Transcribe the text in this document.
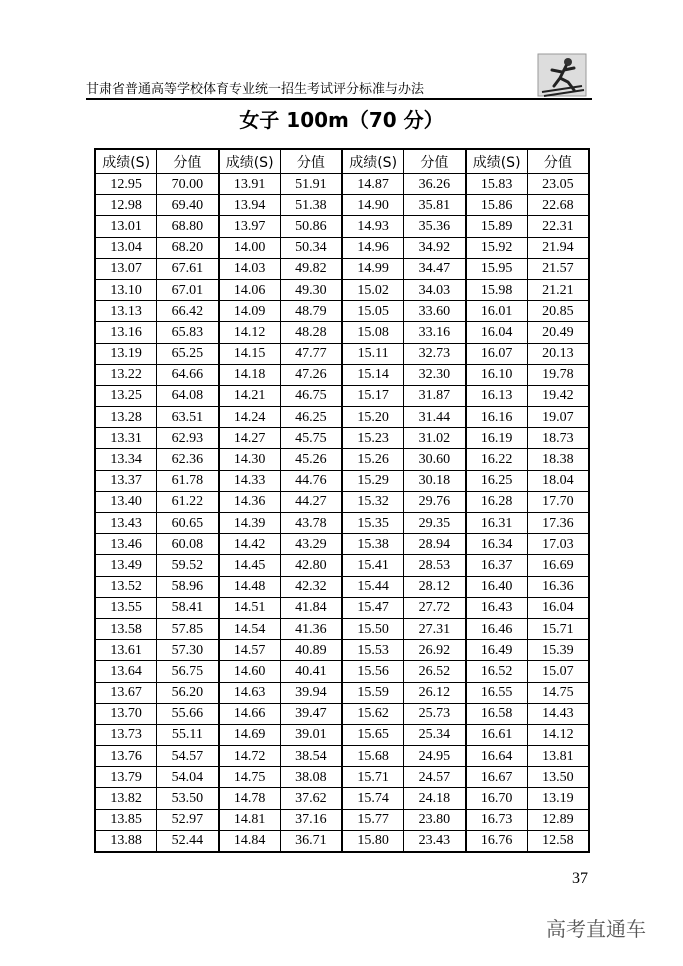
甘肃省普通高等学校体育专业统一招生考试评分标准与办法
女子 100m（70 分）
成绩(S)	分值	成绩(S)	分值	成绩(S)	分值	成绩(S)	分值
12.95	70.00	13.91	51.91	14.87	36.26	15.83	23.05
12.98	69.40	13.94	51.38	14.90	35.81	15.86	22.68
13.01	68.80	13.97	50.86	14.93	35.36	15.89	22.31
13.04	68.20	14.00	50.34	14.96	34.92	15.92	21.94
13.07	67.61	14.03	49.82	14.99	34.47	15.95	21.57
13.10	67.01	14.06	49.30	15.02	34.03	15.98	21.21
13.13	66.42	14.09	48.79	15.05	33.60	16.01	20.85
13.16	65.83	14.12	48.28	15.08	33.16	16.04	20.49
13.19	65.25	14.15	47.77	15.11	32.73	16.07	20.13
13.22	64.66	14.18	47.26	15.14	32.30	16.10	19.78
13.25	64.08	14.21	46.75	15.17	31.87	16.13	19.42
13.28	63.51	14.24	46.25	15.20	31.44	16.16	19.07
13.31	62.93	14.27	45.75	15.23	31.02	16.19	18.73
13.34	62.36	14.30	45.26	15.26	30.60	16.22	18.38
13.37	61.78	14.33	44.76	15.29	30.18	16.25	18.04
13.40	61.22	14.36	44.27	15.32	29.76	16.28	17.70
13.43	60.65	14.39	43.78	15.35	29.35	16.31	17.36
13.46	60.08	14.42	43.29	15.38	28.94	16.34	17.03
13.49	59.52	14.45	42.80	15.41	28.53	16.37	16.69
13.52	58.96	14.48	42.32	15.44	28.12	16.40	16.36
13.55	58.41	14.51	41.84	15.47	27.72	16.43	16.04
13.58	57.85	14.54	41.36	15.50	27.31	16.46	15.71
13.61	57.30	14.57	40.89	15.53	26.92	16.49	15.39
13.64	56.75	14.60	40.41	15.56	26.52	16.52	15.07
13.67	56.20	14.63	39.94	15.59	26.12	16.55	14.75
13.70	55.66	14.66	39.47	15.62	25.73	16.58	14.43
13.73	55.11	14.69	39.01	15.65	25.34	16.61	14.12
13.76	54.57	14.72	38.54	15.68	24.95	16.64	13.81
13.79	54.04	14.75	38.08	15.71	24.57	16.67	13.50
13.82	53.50	14.78	37.62	15.74	24.18	16.70	13.19
13.85	52.97	14.81	37.16	15.77	23.80	16.73	12.89
13.88	52.44	14.84	36.71	15.80	23.43	16.76	12.58
37
高考直通车
